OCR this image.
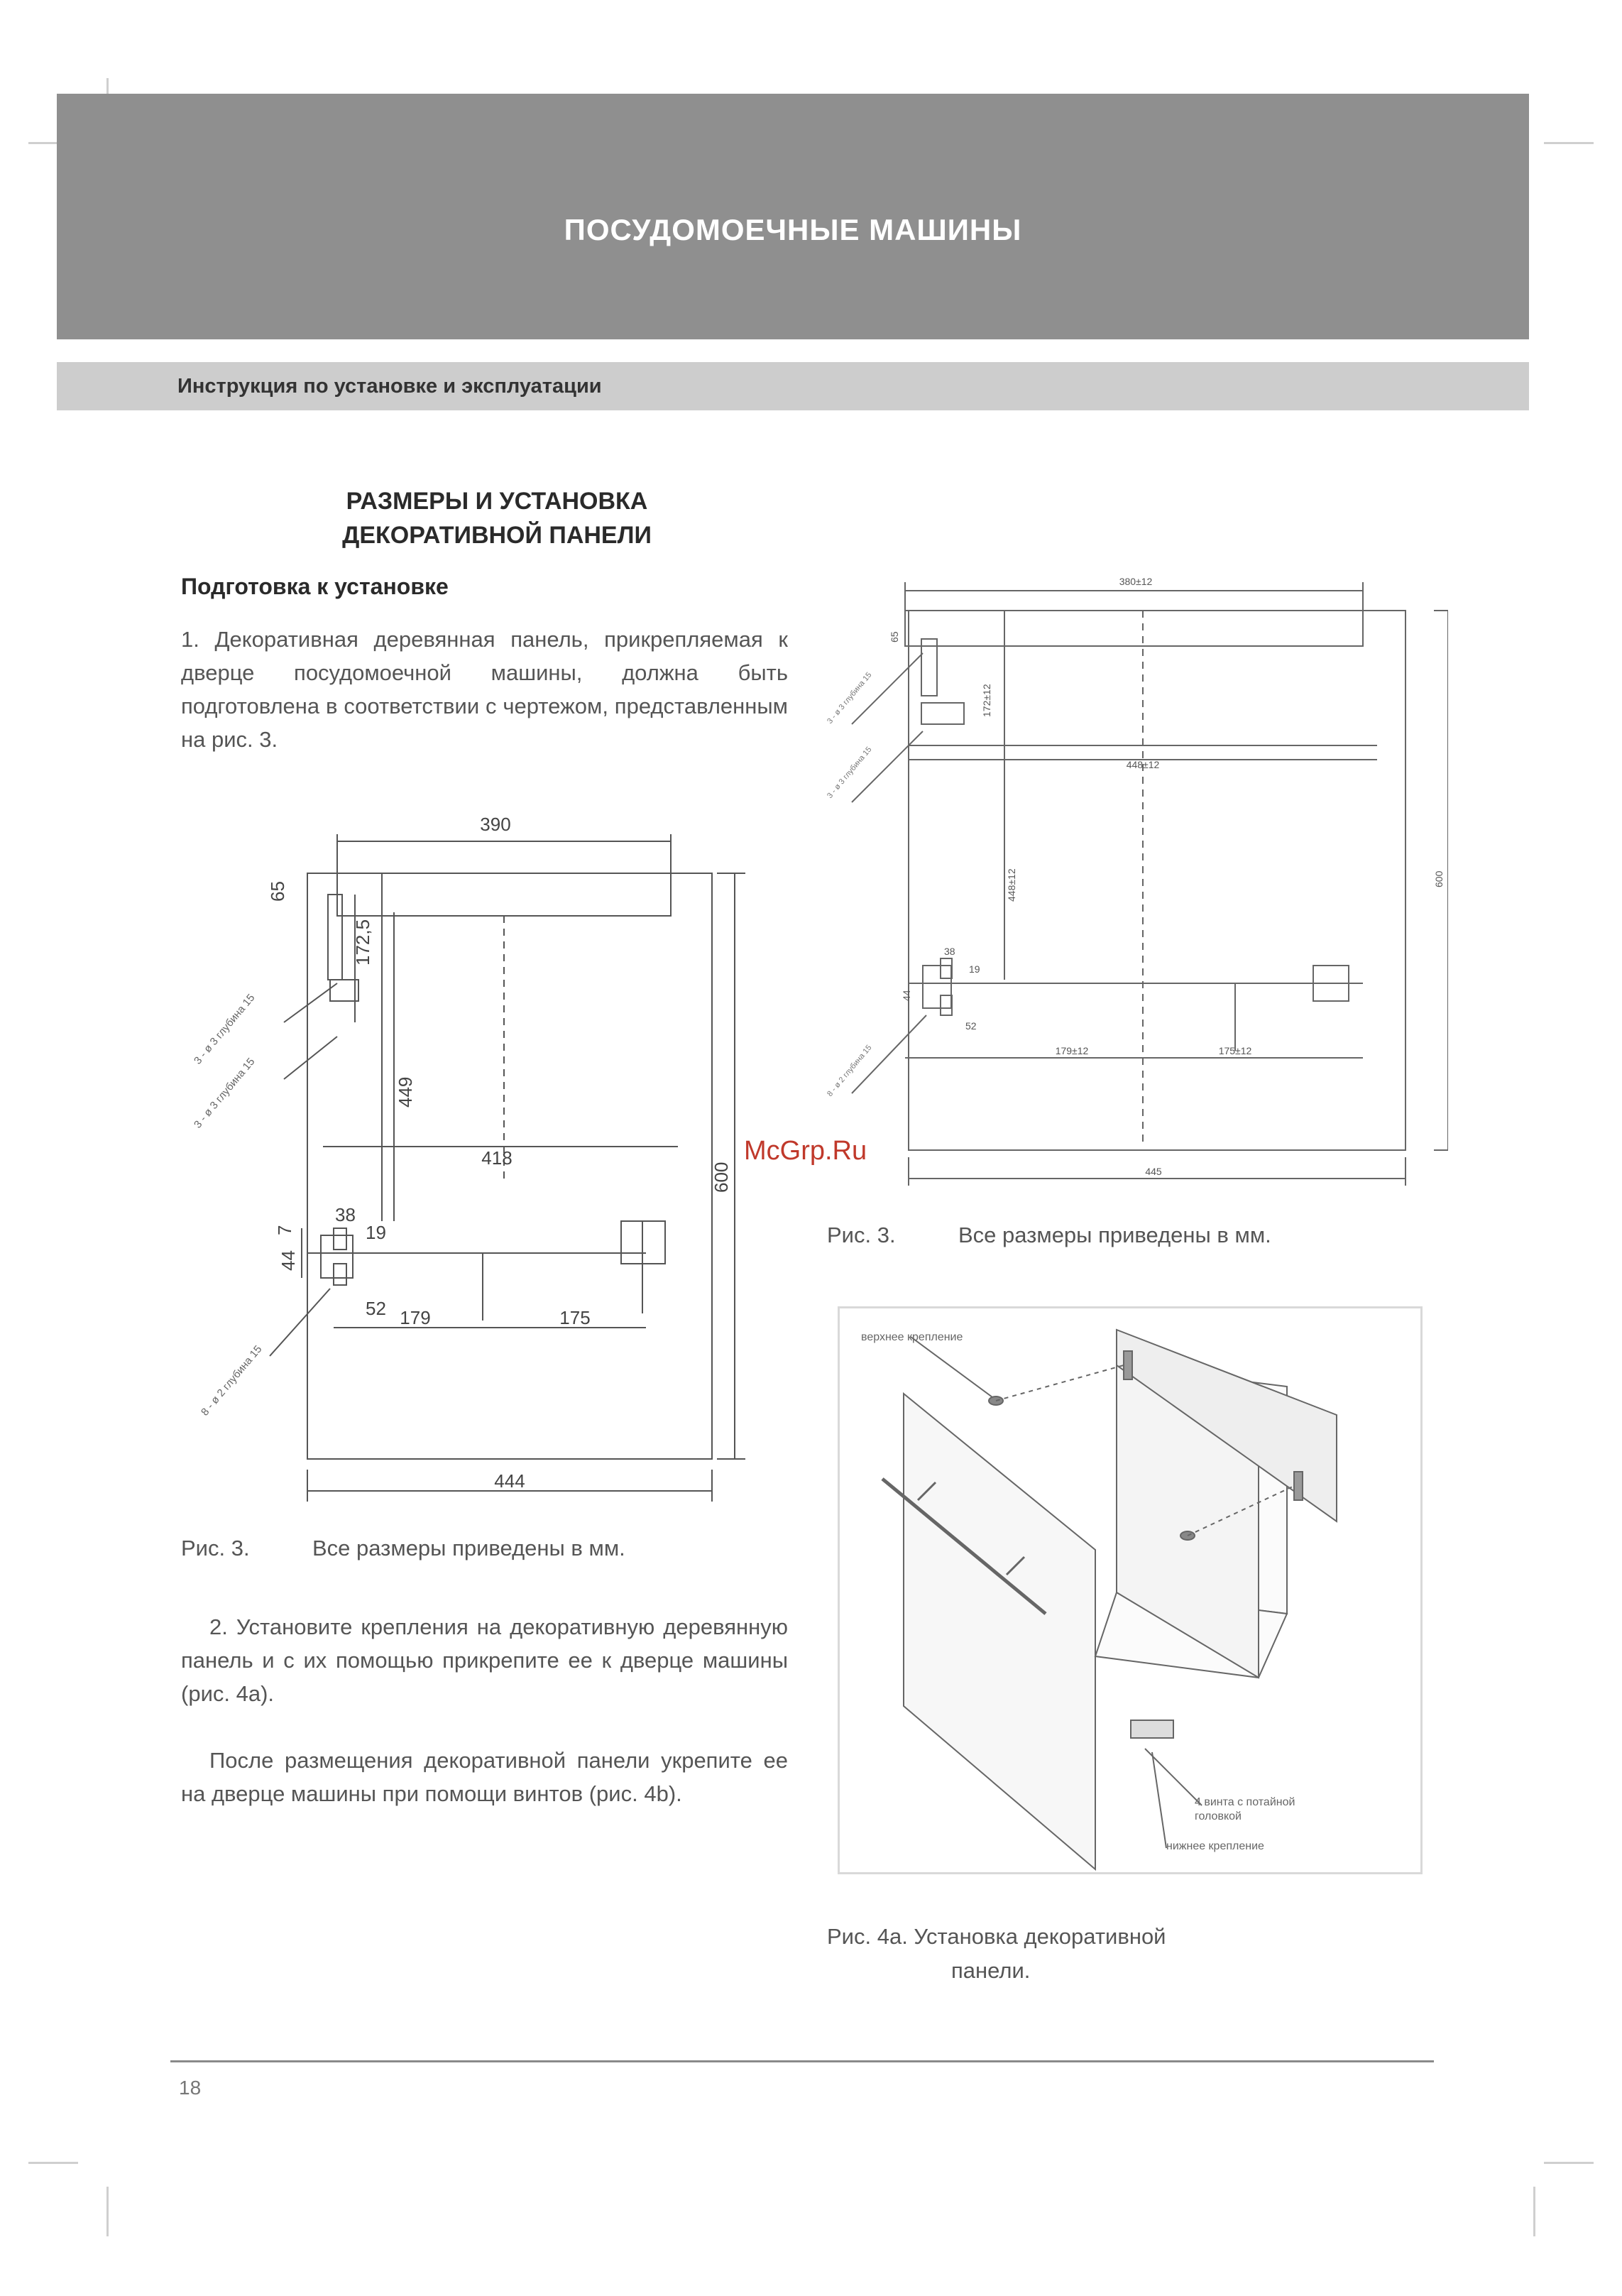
ПОСУДОМОЕЧНЫЕ МАШИНЫ
Инструкция по установке и эксплуатации
РАЗМЕРЫ И УСТАНОВКА
ДЕКОРАТИВНОЙ ПАНЕЛИ
Подготовка к установке
1. Декоративная деревянная панель, прикрепляемая к дверце посудомоечной машины, должна быть подготовлена в соответствии с чертежом, представленным на рис. 3.
390
65
172,5
449
418
600
38
19
7
44
52 179	175
444
3 - ø 3 глубина 15
3 - ø 3 глубина 15
8 - ø 2 глубина 15
Рис. 3.	Все размеры приведены в мм.
2. Установите крепления на декоративную деревянную панель и с их помощью прикрепите ее к дверце машины (рис. 4a).
После размещения декоративной панели укрепите ее на дверце машины при помощи винтов (рис. 4b).
380±12
65
172±12
448±12
448±12
600
38
19
44
52
179±12	175±12
445
3 - ø 3 глубина 15
3 - ø 3 глубина 15
8 - ø 2 глубина 15
Рис. 3.	Все размеры приведены в мм.
верхнее крепление
4 винта с потайной
головкой
нижнее крепление
Рис. 4a. Установка декоративной
панели.
McGrp.Ru
18
